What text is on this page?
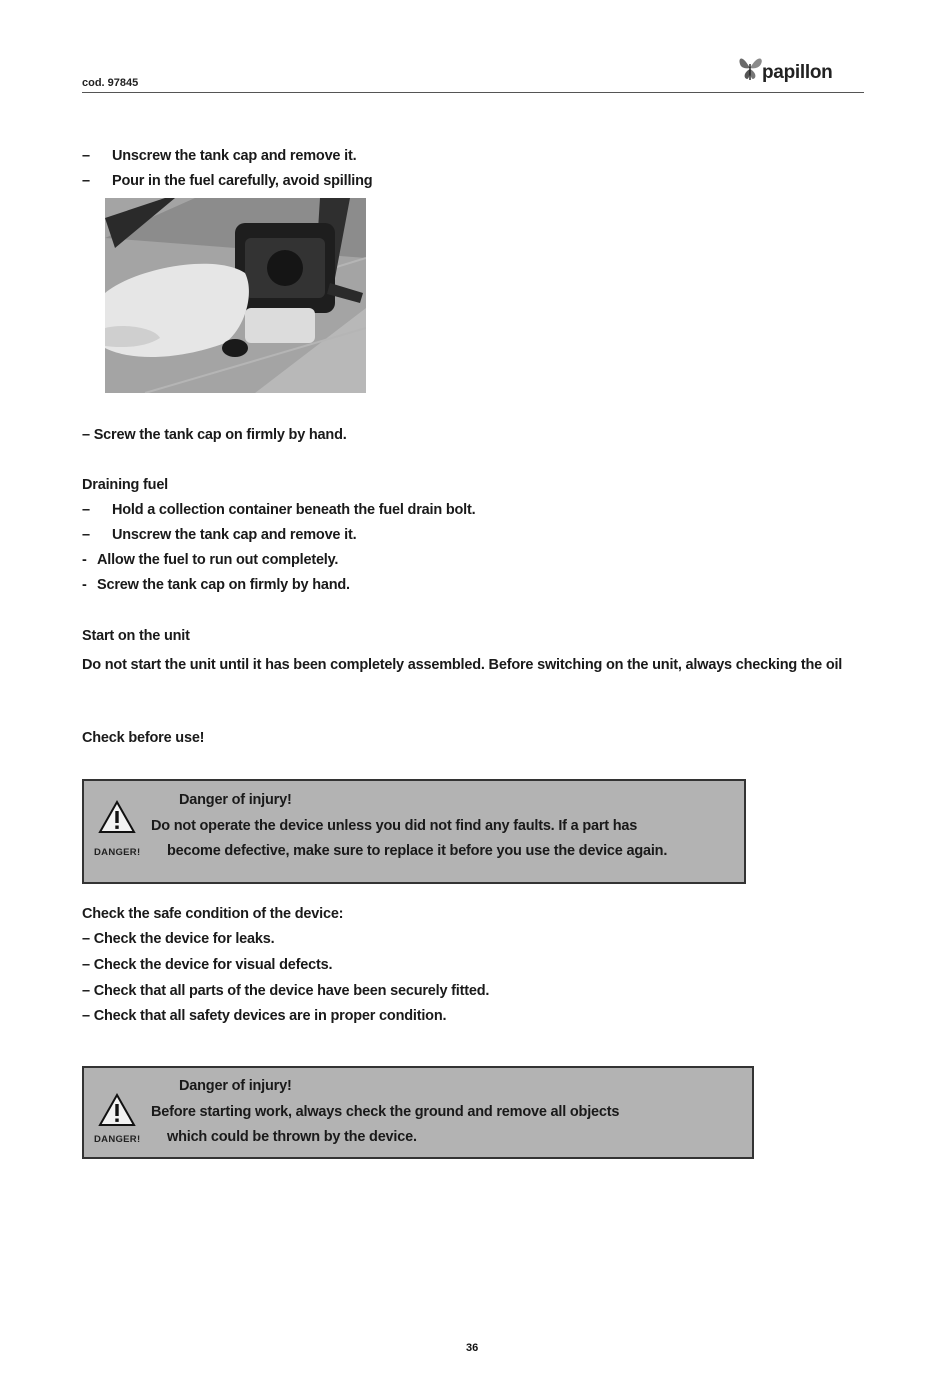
cod. 97845	papillon
– Unscrew the tank cap and remove it.
– Pour in the fuel carefully, avoid spilling
– Screw the tank cap on firmly by hand.
Draining fuel
– Hold a collection container beneath the fuel drain bolt.
– Unscrew the tank cap and remove it.
- Allow the fuel to run out completely.
- Screw the tank cap on firmly by hand.
Start on the unit
Do not start the unit until it has been completely assembled. Before switching on the unit, always checking the oil
Check before use!
DANGER!
Danger of injury!
Do not operate the device unless you did not find any faults. If a part has
become defective, make sure to replace it before you use the device again.
Check the safe condition of the device:
– Check the device for leaks.
– Check the device for visual defects.
– Check that all parts of the device have been securely fitted.
– Check that all safety devices are in proper condition.
DANGER!
Danger of injury!
Before starting work, always check the ground and remove all objects
which could be thrown by the device.
36
